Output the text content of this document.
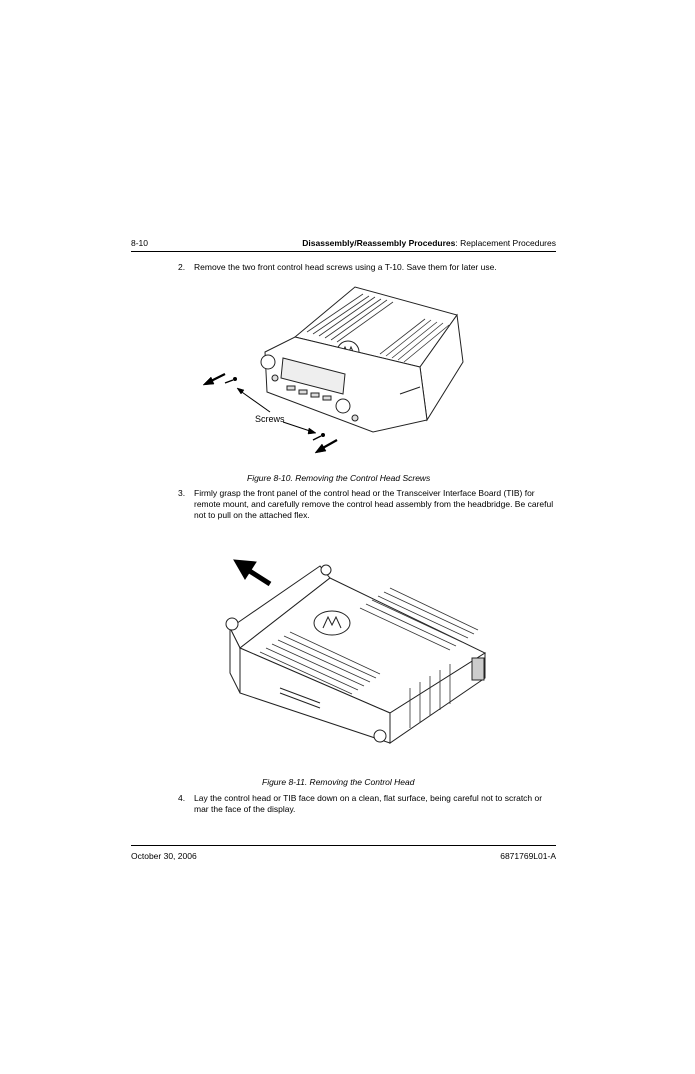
8-10	Disassembly/Reassembly Procedures: Replacement Procedures
2. Remove the two front control head screws using a T-10. Save them for later use.
Screws
Figure 8-10. Removing the Control Head Screws
3. Firmly grasp the front panel of the control head or the Transceiver Interface Board (TIB) for remote mount, and carefully remove the control head assembly from the headbridge. Be careful not to pull on the attached flex.
Figure 8-11. Removing the Control Head
4. Lay the control head or TIB face down on a clean, flat surface, being careful not to scratch or mar the face of the display.
October 30, 2006	6871769L01-A
